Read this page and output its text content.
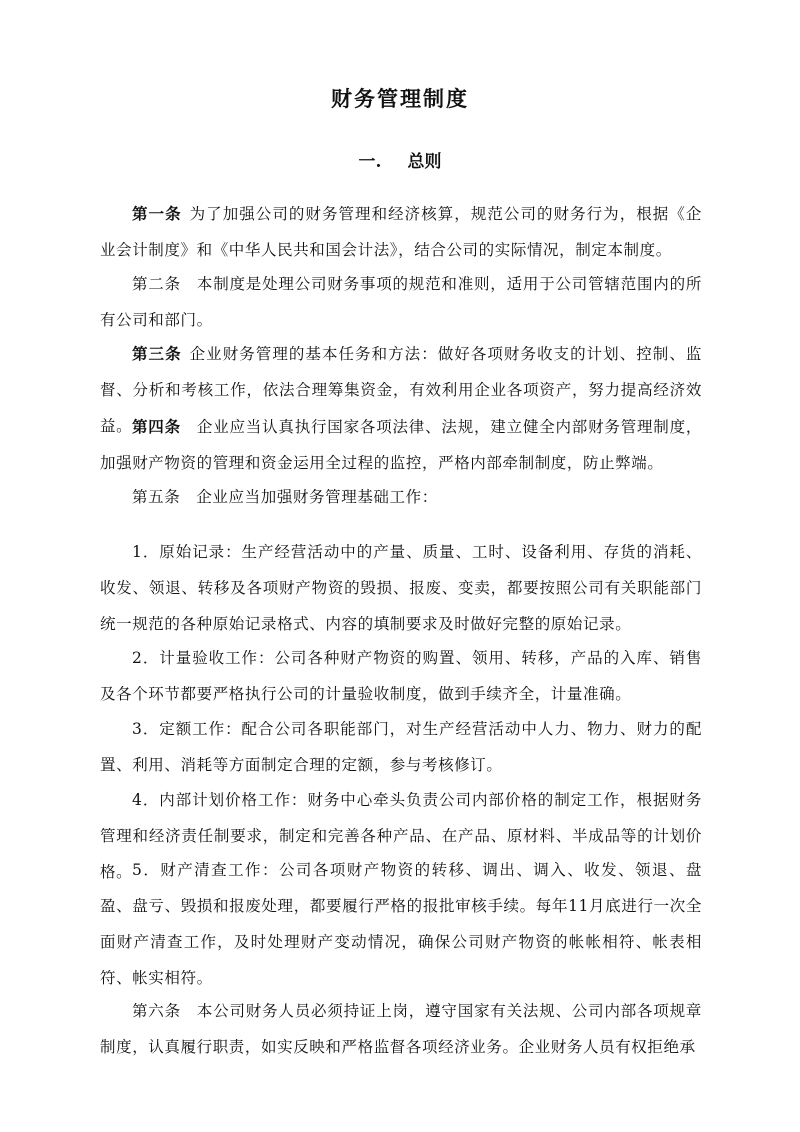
财务管理制度
一. 总则

第一条 为了加强公司的财务管理和经济核算，规范公司的财务行为，根据《企业会计制度》和《中华人民共和国会计法》，结合公司的实际情况，制定本制度。

第二条 本制度是处理公司财务事项的规范和准则，适用于公司管辖范围内的所有公司和部门。

第三条 企业财务管理的基本任务和方法：做好各项财务收支的计划、控制、监督、分析和考核工作，依法合理筹集资金，有效利用企业各项资产，努力提高经济效益。 第四条 企业应当认真执行国家各项法律、法规，建立健全内部财务管理制度，加强财产物资的管理和资金运用全过程的监控，严格内部牵制制度，防止弊端。

第五条 企业应当加强财务管理基础工作：

1．原始记录：生产经营活动中的产量、质量、工时、设备利用、存货的消耗、收发、领退、转移及各项财产物资的毁损、报废、变卖，都要按照公司有关职能部门统一规范的各种原始记录格式、内容的填制要求及时做好完整的原始记录。

2．计量验收工作：公司各种财产物资的购置、领用、转移，产品的入库、销售及各个环节都要严格执行公司的计量验收制度，做到手续齐全，计量准确。

3．定额工作：配合公司各职能部门，对生产经营活动中人力、物力、财力的配置、利用、消耗等方面制定合理的定额，参与考核修订。

4．内部计划价格工作：财务中心牵头负责公司内部价格的制定工作，根据财务管理和经济责任制要求，制定和完善各种产品、在产品、原材料、半成品等的计划价格。 5．财产清查工作：公司各项财产物资的转移、调出、调入、收发、领退、盘盈、盘亏、毁损和报废处理，都要履行严格的报批审核手续。每年11月底进行一次全面财产清查工作，及时处理财产变动情况，确保公司财产物资的帐帐相符、帐表相符、帐实相符。

第六条 本公司财务人员必须持证上岗，遵守国家有关法规、公司内部各项规章制度，认真履行职责，如实反映和严格监督各项经济业务。企业财务人员有权拒绝承
